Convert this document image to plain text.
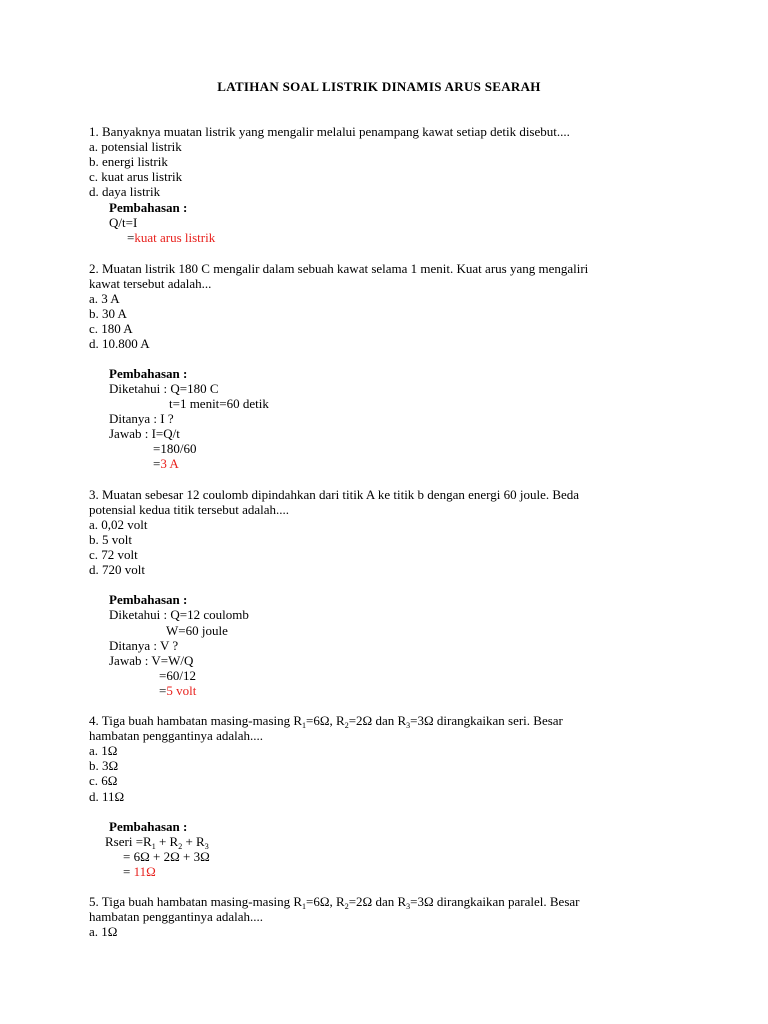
LATIHAN SOAL LISTRIK DINAMIS ARUS SEARAH
1. Banyaknya muatan listrik yang mengalir melalui penampang kawat setiap detik disebut....
a. potensial listrik
b. energi listrik
c. kuat arus listrik
d. daya listrik
Pembahasan :
Q/t=I
=kuat arus listrik
2. Muatan listrik 180 C mengalir dalam sebuah kawat selama 1 menit. Kuat arus yang mengaliri
kawat tersebut adalah...
a. 3 A
b. 30 A
c. 180 A
d. 10.800 A
Pembahasan :
Diketahui : Q=180 C
t=1 menit=60 detik
Ditanya : I ?
Jawab : I=Q/t
=180/60
=3 A
3. Muatan sebesar 12 coulomb dipindahkan dari titik A ke titik b dengan energi 60 joule. Beda
potensial kedua titik tersebut adalah....
a. 0,02 volt
b. 5 volt
c. 72 volt
d. 720 volt
Pembahasan :
Diketahui : Q=12 coulomb
W=60 joule
Ditanya : V ?
Jawab : V=W/Q
=60/12
=5 volt
4. Tiga buah hambatan masing-masing $R_1=6\Omega$, $R_2=2\Omega$ dan $R_3=3\Omega$ dirangkaikan seri. Besar
hambatan penggantinya adalah....
a. 1Ω
b. 3Ω
c. 6Ω
d. 11Ω
Pembahasan :
Rseri $=R_1 + R_2 + R_3$
= 6Ω + 2Ω + 3Ω
= 11Ω
5. Tiga buah hambatan masing-masing $R_1=6\Omega$, $R_2=2\Omega$ dan $R_3=3\Omega$ dirangkaikan paralel. Besar
hambatan penggantinya adalah....
a. 1Ω
